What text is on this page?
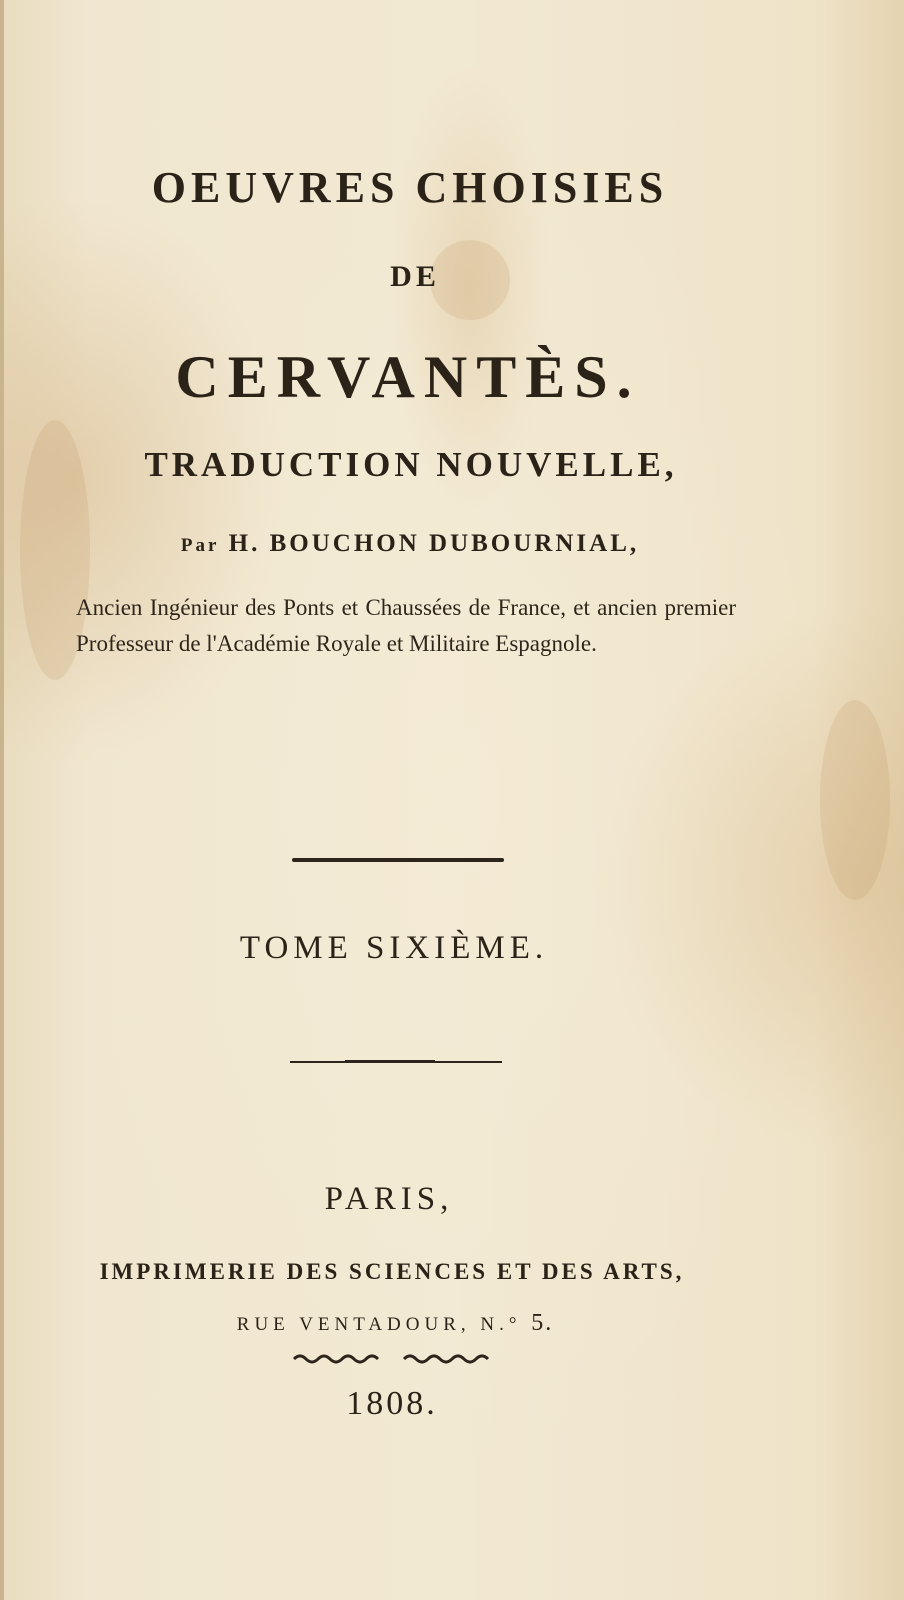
OEUVRES CHOISIES
DE
CERVANTÈS.
TRADUCTION NOUVELLE,
Par H. BOUCHON DUBOURNIAL,
Ancien Ingénieur des Ponts et Chaussées de France, et ancien premier Professeur de l'Académie Royale et Militaire Espagnole.
TOME SIXIÈME.
PARIS,
IMPRIMERIE DES SCIENCES ET DES ARTS,
RUE VENTADOUR, N.° 5.
1808.
